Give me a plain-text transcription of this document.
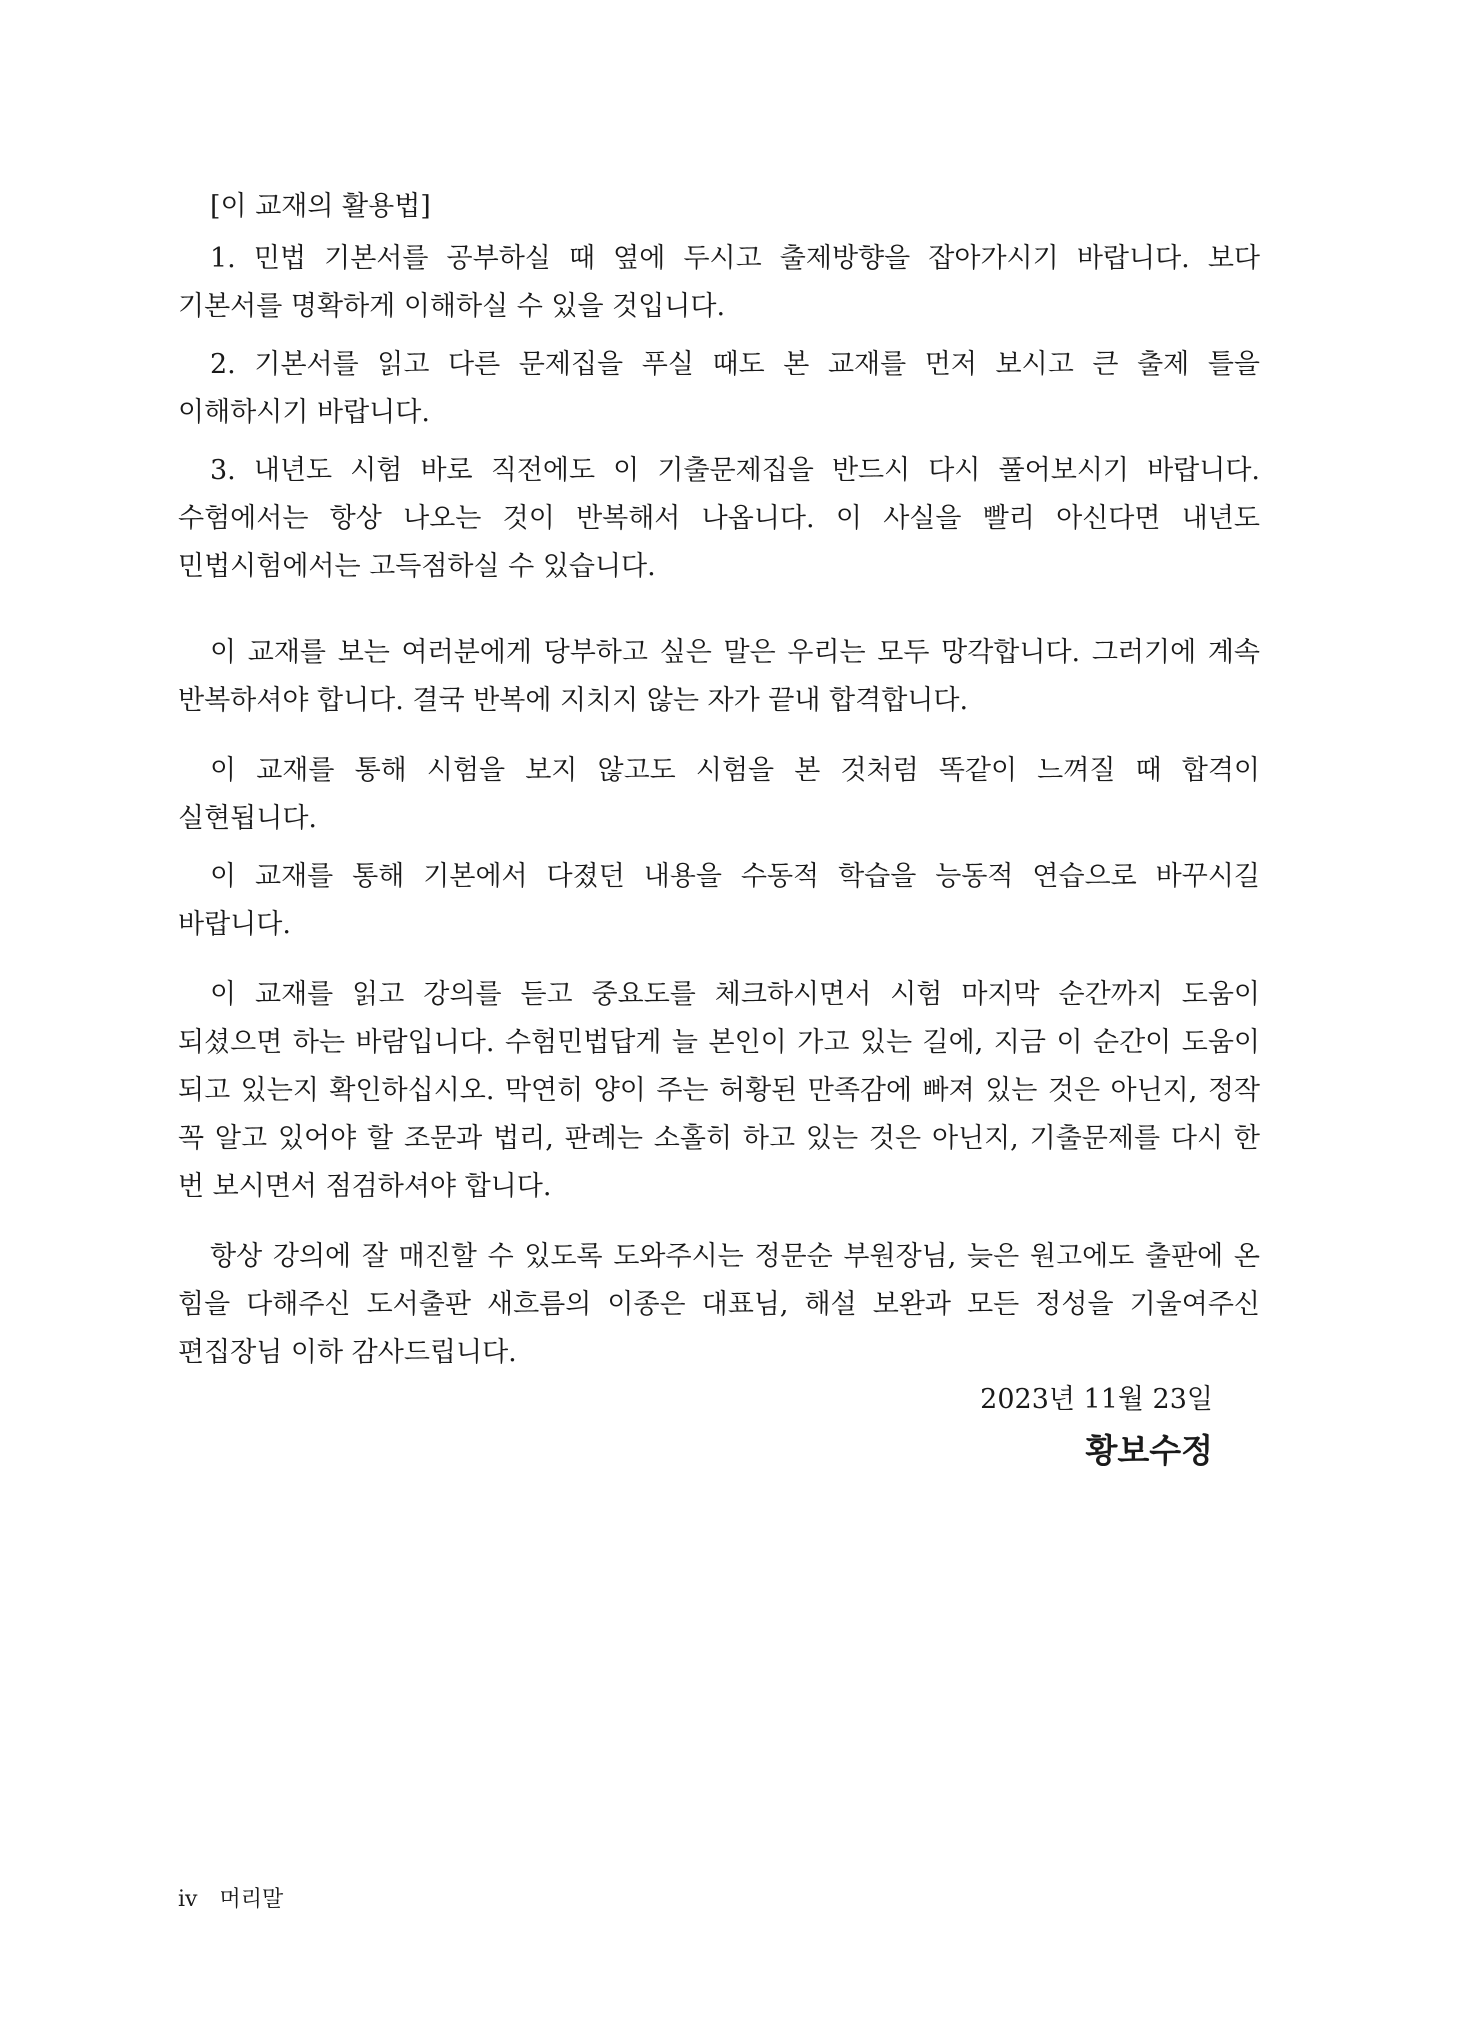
[이 교재의 활용법]

1. 민법 기본서를 공부하실 때 옆에 두시고 출제방향을 잡아가시기 바랍니다. 보다 기본서를 명확하게 이해하실 수 있을 것입니다.

2. 기본서를 읽고 다른 문제집을 푸실 때도 본 교재를 먼저 보시고 큰 출제 틀을 이해하시기 바랍니다.

3. 내년도 시험 바로 직전에도 이 기출문제집을 반드시 다시 풀어보시기 바랍니다. 수험에서는 항상 나오는 것이 반복해서 나옵니다. 이 사실을 빨리 아신다면 내년도 민법시험에서는 고득점하실 수 있습니다.

이 교재를 보는 여러분에게 당부하고 싶은 말은 우리는 모두 망각합니다. 그러기에 계속 반복하셔야 합니다. 결국 반복에 지치지 않는 자가 끝내 합격합니다.

이 교재를 통해 시험을 보지 않고도 시험을 본 것처럼 똑같이 느껴질 때 합격이 실현됩니다.

이 교재를 통해 기본에서 다졌던 내용을 수동적 학습을 능동적 연습으로 바꾸시길 바랍니다.

이 교재를 읽고 강의를 듣고 중요도를 체크하시면서 시험 마지막 순간까지 도움이 되셨으면 하는 바람입니다. 수험민법답게 늘 본인이 가고 있는 길에, 지금 이 순간이 도움이 되고 있는지 확인하십시오. 막연히 양이 주는 허황된 만족감에 빠져 있는 것은 아닌지, 정작 꼭 알고 있어야 할 조문과 법리, 판례는 소홀히 하고 있는 것은 아닌지, 기출문제를 다시 한 번 보시면서 점검하셔야 합니다.

항상 강의에 잘 매진할 수 있도록 도와주시는 정문순 부원장님, 늦은 원고에도 출판에 온 힘을 다해주신 도서출판 새흐름의 이종은 대표님, 해설 보완과 모든 정성을 기울여주신 편집장님 이하 감사드립니다.

2023년 11월 23일

황보수정

iv 머리말
